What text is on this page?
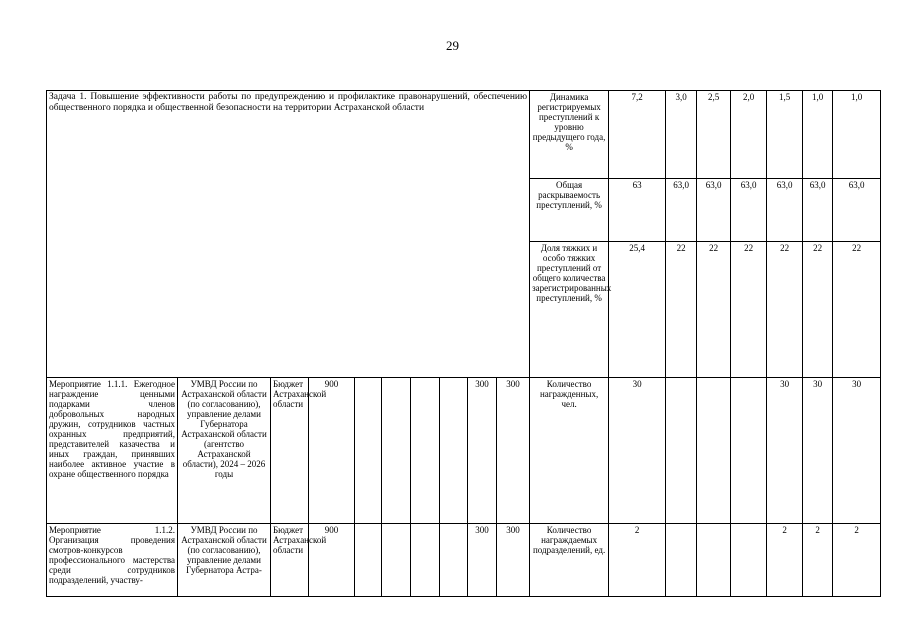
29
Задача 1. Повышение эффективности работы по предупреждению и профилактике правонарушений, обеспечению общественного порядка и общественной безопасности на территории Астраханской области										Динамика регистрируемых преступлений к уровню предыдущего года, %	7,2	3,0	2,5	2,0	1,5	1,0	1,0
										Общая раскрываемость преступлений, %	63	63,0	63,0	63,0	63,0	63,0	63,0
										Доля тяжких и особо тяжких преступлений от общего количества зарегистрированных преступлений, %	25,4	22	22	22	22	22	22
Мероприятие 1.1.1. Ежегодное награждение ценными подарками членов добровольных народных дружин, сотрудников частных охранных предприятий, представителей казачества и иных граждан, принявших наиболее активное участие в охране общественного порядка	УМВД России по Астраханской области (по согласованию), управление делами Губернатора Астраханской области (агентство Астраханской области), 2024 – 2026 годы	Бюджет Астраханской области	900					300	300	Количество награжденных, чел.	30				30	30	30
Мероприятие 1.1.2. Организация проведения смотров-конкурсов профессионального мастерства среди сотрудников подразделений, участву-	УМВД России по Астраханской области (по согласованию), управление делами Губернатора Астра-	Бюджет Астраханской области	900					300	300	Количество награждаемых подразделений, ед.	2				2	2	2
